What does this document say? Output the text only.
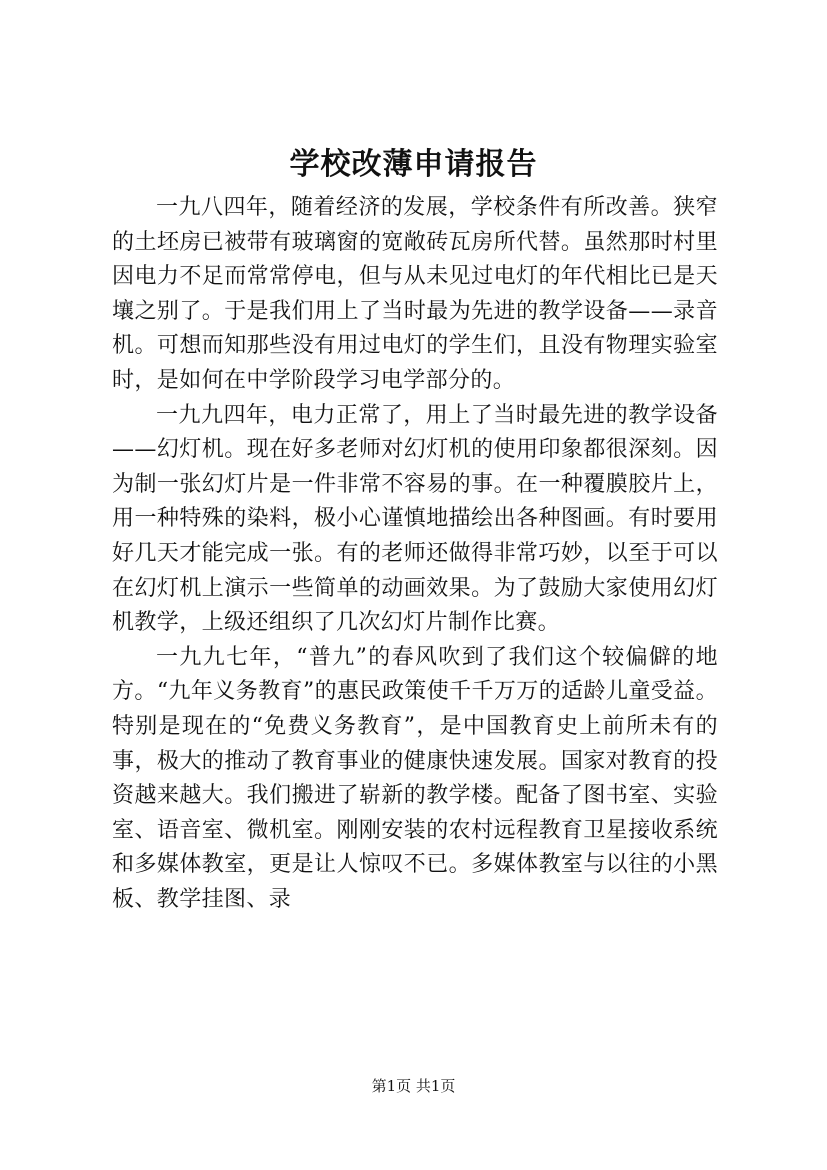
学校改薄申请报告

一九八四年，随着经济的发展，学校条件有所改善。狭窄的土坯房已被带有玻璃窗的宽敞砖瓦房所代替。虽然那时村里因电力不足而常常停电，但与从未见过电灯的年代相比已是天壤之别了。于是我们用上了当时最为先进的教学设备——录音机。可想而知那些没有用过电灯的学生们，且没有物理实验室时，是如何在中学阶段学习电学部分的。

一九九四年，电力正常了，用上了当时最先进的教学设备——幻灯机。现在好多老师对幻灯机的使用印象都很深刻。因为制一张幻灯片是一件非常不容易的事。在一种覆膜胶片上，用一种特殊的染料，极小心谨慎地描绘出各种图画。有时要用好几天才能完成一张。有的老师还做得非常巧妙，以至于可以在幻灯机上演示一些简单的动画效果。为了鼓励大家使用幻灯机教学，上级还组织了几次幻灯片制作比赛。

一九九七年，“普九”的春风吹到了我们这个较偏僻的地方。“九年义务教育”的惠民政策使千千万万的适龄儿童受益。特别是现在的“免费义务教育”，是中国教育史上前所未有的事，极大的推动了教育事业的健康快速发展。国家对教育的投资越来越大。我们搬进了崭新的教学楼。配备了图书室、实验室、语音室、微机室。刚刚安装的农村远程教育卫星接收系统和多媒体教室，更是让人惊叹不已。多媒体教室与以往的小黑板、教学挂图、录

第1页 共1页
